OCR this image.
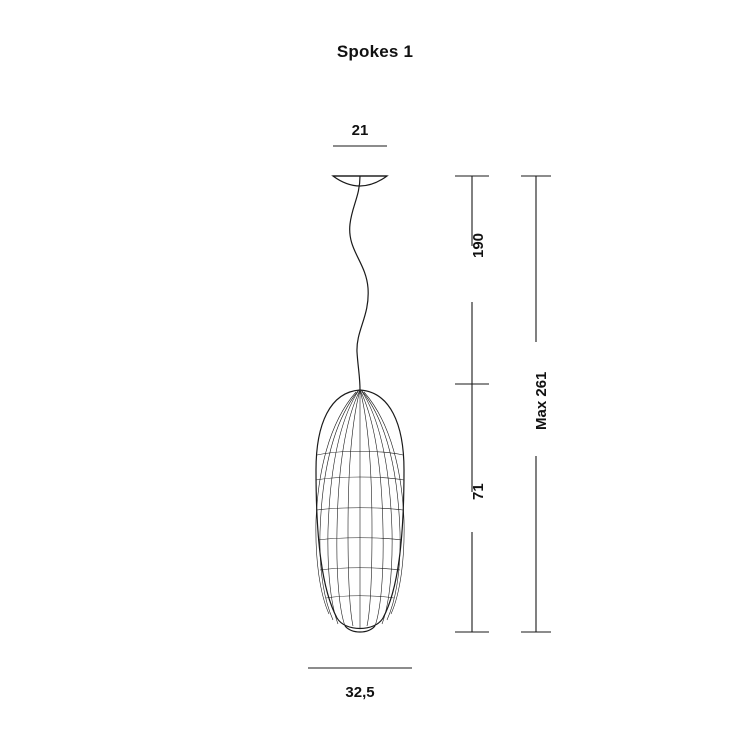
Spokes 1
21
32,5
190
71
Max 261
